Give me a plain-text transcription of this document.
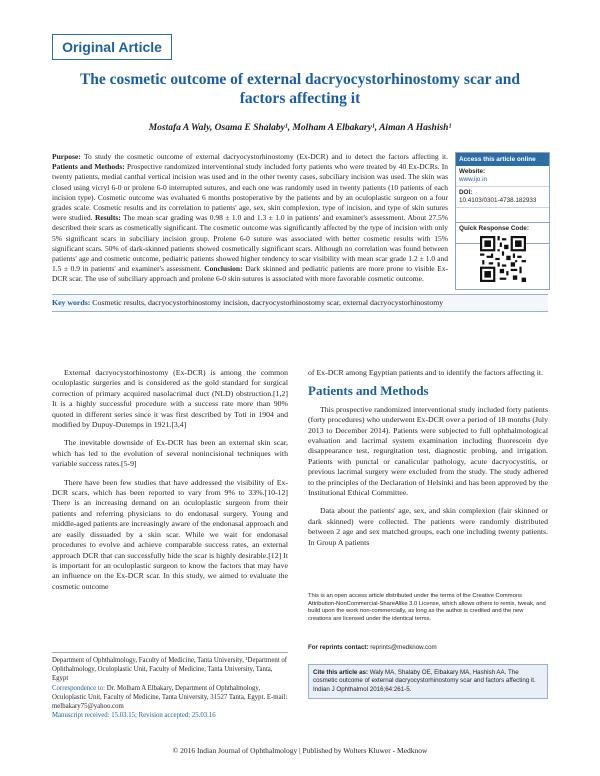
Original Article
The cosmetic outcome of external dacryocystorhinostomy scar and factors affecting it
Mostafa A Waly, Osama E Shalaby¹, Molham A Elbakary¹, Aiman A Hashish¹
Purpose: To study the cosmetic outcome of external dacryocystorhinostomy (Ex-DCR) and to detect the factors affecting it. Patients and Methods: Prospective randomized interventional study included forty patients who were treated by 40 Ex-DCRs. In twenty patients, medial canthal vertical incision was used and in the other twenty cases, subciliary incision was used. The skin was closed using vicryl 6-0 or prolene 6-0 interrupted sutures, and each one was randomly used in twenty patients (10 patients of each incision type). Cosmetic outcome was evaluated 6 months postoperative by the patients and by an oculoplastic surgeon on a four grades scale. Cosmetic results and its correlation to patients' age, sex, skin complexion, type of incision, and type of skin sutures were studied. Results: The mean scar grading was 0.98 ± 1.0 and 1.3 ± 1.0 in patients' and examiner's assessment. About 27.5% described their scars as cosmetically significant. The cosmetic outcome was significantly affected by the type of incision with only 5% significant scars in subciliary incision group. Prolene 6-0 suture was associated with better cosmetic results with 15% significant scars. 50% of dark-skinned patients showed cosmetically significant scars. Although no correlation was found between patients' age and cosmetic outcome, pediatric patients showed higher tendency to scar visibility with mean scar grade 1.2 ± 1.0 and 1.5 ± 0.9 in patients' and examiner's assessment. Conclusion: Dark skinned and pediatric patients are more prone to visible Ex-DCR scar. The use of subciliary approach and prolene 6-0 skin sutures is associated with more favorable cosmetic outcome.
Access this article online
Website:
www.ijo.in
DOI:
10.4103/0301-4738.182933
Quick Response Code:
Key words: Cosmetic results, dacryocystorhinostomy incision, dacryocystorhinostomy scar, external dacryocystorhinostomy

External dacryocystorhinostomy (Ex-DCR) is among the common oculoplastic surgeries and is considered as the gold standard for surgical correction of primary acquired nasolacrimal duct (NLD) obstruction.[1,2] It is a highly successful procedure with a success rate more than 90% quoted in different series since it was first described by Toti in 1904 and modified by Dupuy-Dutemps in 1921.[3,4]

The inevitable downside of Ex-DCR has been an external skin scar, which has led to the evolution of several nonincisional techniques with variable success rates.[5-9]

There have been few studies that have addressed the visibility of Ex-DCR scars, which has been reported to vary from 9% to 33%.[10-12] There is an increasing demand on an oculoplastic surgeon from their patients and referring physicians to do endonasal surgery. Young and middle-aged patients are increasingly aware of the endonasal approach and are easily dissuaded by a skin scar. While we wait for endonasal procedures to evolve and achieve comparable success rates, an external approach DCR that can successfully hide the scar is highly desirable.[12] It is important for an oculoplastic surgeon to know the factors that may have an influence on the Ex-DCR scar. In this study, we aimed to evaluate the cosmetic outcome

of Ex-DCR among Egyptian patients and to identify the factors affecting it.

Patients and Methods

This prospective randomized interventional study included forty patients (forty procedures) who underwent Ex-DCR over a period of 18 months (July 2013 to December 2014). Patients were subjected to full ophthalmological evaluation and lacrimal system examination including fluorescein dye disappearance test, regurgitation test, diagnostic probing, and irrigation. Patients with punctal or canalicular pathology, acute dacryocystitis, or previous lacrimal surgery were excluded from the study. The study adhered to the principles of the Declaration of Helsinki and has been approved by the Institutional Ethical Committee.

Data about the patients' age, sex, and skin complexion (fair skinned or dark skinned) were collected. The patients were randomly distributed between 2 age and sex matched groups, each one including twenty patients. In Group A patients

Department of Ophthalmology, Faculty of Medicine, Tanta University, ¹Department of Ophthalmology, Oculoplastic Unit, Faculty of Medicine, Tanta University, Tanta, Egypt
Correspondence to: Dr. Molham A Elbakary, Department of Ophthalmology, Oculoplastic Unit, Faculty of Medicine, Tanta University, 31527 Tanta, Egypt. E-mail: melbakary75@yahoo.com
Manuscript received: 15.03.15; Revision accepted: 25.03.16
This is an open access article distributed under the terms of the Creative Commons Attribution-NonCommercial-ShareAlike 3.0 License, which allows others to remix, tweak, and build upon the work non-commercially, as long as the author is credited and the new creations are licensed under the identical terms.
For reprints contact: reprints@medknow.com
Cite this article as: Waly MA, Shalaby OE, Elbakary MA, Hashish AA. The cosmetic outcome of external dacryocystorhinostomy scar and factors affecting it. Indian J Ophthalmol 2016;64:261-5.
© 2016 Indian Journal of Ophthalmology | Published by Wolters Kluwer - Medknow
